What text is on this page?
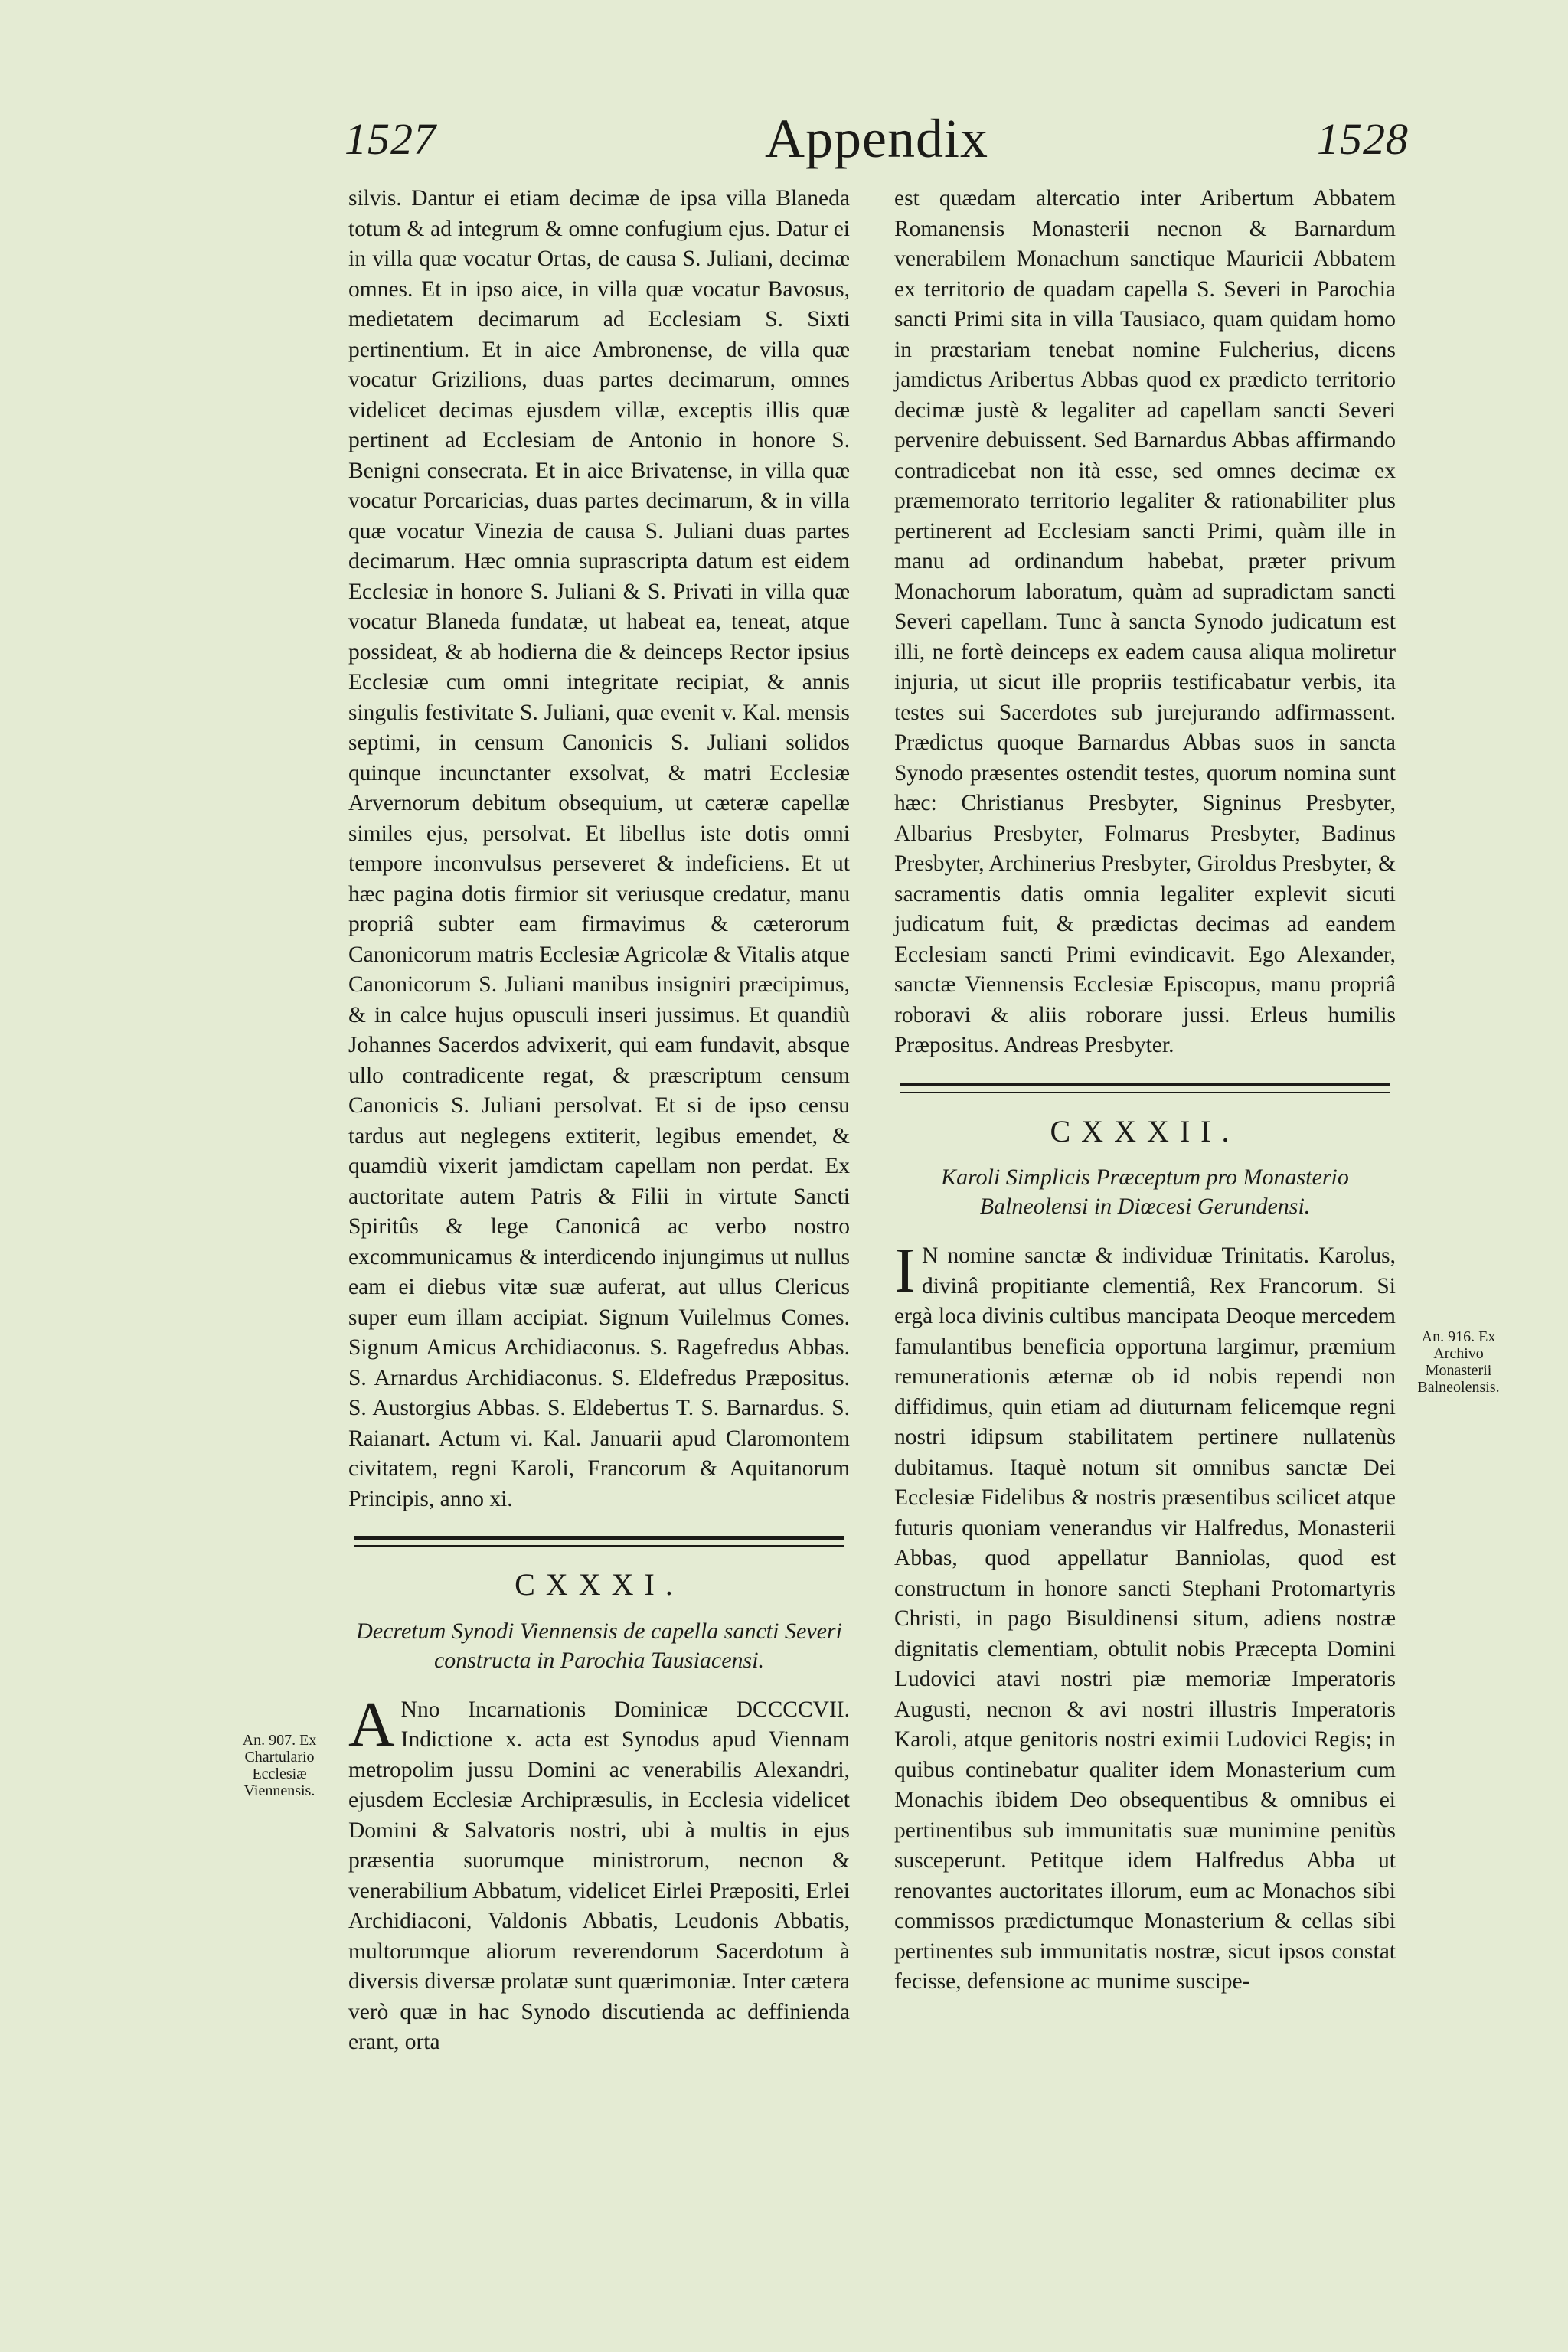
1527	Appendix	1528

silvis. Dantur ei etiam decimæ de ipsa villa Blaneda totum & ad integrum & omne confugium ejus. Datur ei in villa quæ vocatur Ortas, de causa S. Juliani, decimæ omnes. Et in ipso aice, in villa quæ vocatur Bavosus, medietatem decimarum ad Ecclesiam S. Sixti pertinentium. Et in aice Ambronense, de villa quæ vocatur Grizilions, duas partes decimarum, omnes videlicet decimas ejusdem villæ, exceptis illis quæ pertinent ad Ecclesiam de Antonio in honore S. Benigni consecrata. Et in aice Brivatense, in villa quæ vocatur Porcaricias, duas partes decimarum, & in villa quæ vocatur Vinezia de causa S. Juliani duas partes decimarum. Hæc omnia suprascripta datum est eidem Ecclesiæ in honore S. Juliani & S. Privati in villa quæ vocatur Blaneda fundatæ, ut habeat ea, teneat, atque possideat, & ab hodierna die & deinceps Rector ipsius Ecclesiæ cum omni integritate recipiat, & annis singulis festivitate S. Juliani, quæ evenit v. Kal. mensis septimi, in censum Canonicis S. Juliani solidos quinque incunctanter exsolvat, & matri Ecclesiæ Arvernorum debitum obsequium, ut cæteræ capellæ similes ejus, persolvat. Et libellus iste dotis omni tempore inconvulsus perseveret & indeficiens. Et ut hæc pagina dotis firmior sit veriusque credatur, manu propriâ subter eam firmavimus & cæterorum Canonicorum matris Ecclesiæ Agricolæ & Vitalis atque Canonicorum S. Juliani manibus insigniri præcipimus, & in calce hujus opusculi inseri jussimus. Et quandiù Johannes Sacerdos advixerit, qui eam fundavit, absque ullo contradicente regat, & præscriptum censum Canonicis S. Juliani persolvat. Et si de ipso censu tardus aut neglegens extiterit, legibus emendet, & quamdiù vixerit jamdictam capellam non perdat. Ex auctoritate autem Patris & Filii in virtute Sancti Spiritûs & lege Canonicâ ac verbo nostro excommunicamus & interdicendo injungimus ut nullus eam ei diebus vitæ suæ auferat, aut ullus Clericus super eum illam accipiat. Signum Vuilelmus Comes. Signum Amicus Archidiaconus. S. Ragefredus Abbas. S. Arnardus Archidiaconus. S. Eldefredus Præpositus. S. Austorgius Abbas. S. Eldebertus T. S. Barnardus. S. Raianart. Actum vi. Kal. Januarii apud Claromontem civitatem, regni Karoli, Francorum & Aquitanorum Principis, anno xi.

CXXXI.
Decretum Synodi Viennensis de capella sancti Severi constructa in Parochia Tausiacensi.

A Nno Incarnationis Dominicæ DCCCCVII. Indictione x. acta est Synodus apud Viennam metropolim jussu Domini ac venerabilis Alexandri, ejusdem Ecclesiæ Archipræsulis, in Ecclesia videlicet Domini & Salvatoris nostri, ubi à multis in ejus præsentia suorumque ministrorum, necnon & venerabilium Abbatum, videlicet Eirlei Præpositi, Erlei Archidiaconi, Valdonis Abbatis, Leudonis Abbatis, multorumque aliorum reverendorum Sacerdotum à diversis diversæ prolatæ sunt quærimoniæ. Inter cætera verò quæ in hac Synodo discutienda ac deffinienda erant, orta

est quædam altercatio inter Aribertum Abbatem Romanensis Monasterii necnon & Barnardum venerabilem Monachum sanctique Mauricii Abbatem ex territorio de quadam capella S. Severi in Parochia sancti Primi sita in villa Tausiaco, quam quidam homo in præstariam tenebat nomine Fulcherius, dicens jamdictus Aribertus Abbas quod ex prædicto territorio decimæ justè & legaliter ad capellam sancti Severi pervenire debuissent. Sed Barnardus Abbas affirmando contradicebat non ità esse, sed omnes decimæ ex præmemorato territorio legaliter & rationabiliter plus pertinerent ad Ecclesiam sancti Primi, quàm ille in manu ad ordinandum habebat, præter privum Monachorum laboratum, quàm ad supradictam sancti Severi capellam. Tunc à sancta Synodo judicatum est illi, ne fortè deinceps ex eadem causa aliqua moliretur injuria, ut sicut ille propriis testificabatur verbis, ita testes sui Sacerdotes sub jurejurando adfirmassent. Prædictus quoque Barnardus Abbas suos in sancta Synodo præsentes ostendit testes, quorum nomina sunt hæc: Christianus Presbyter, Signinus Presbyter, Albarius Presbyter, Folmarus Presbyter, Badinus Presbyter, Archinerius Presbyter, Giroldus Presbyter, & sacramentis datis omnia legaliter explevit sicuti judicatum fuit, & prædictas decimas ad eandem Ecclesiam sancti Primi evindicavit. Ego Alexander, sanctæ Viennensis Ecclesiæ Episcopus, manu propriâ roboravi & aliis roborare jussi. Erleus humilis Præpositus. Andreas Presbyter.

CXXXII.
Karoli Simplicis Præceptum pro Monasterio Balneolensi in Diœcesi Gerundensi.

I N nomine sanctæ & individuæ Trinitatis. Karolus, divinâ propitiante clementiâ, Rex Francorum. Si ergà loca divinis cultibus mancipata Deoque mercedem famulantibus beneficia opportuna largimur, præmium remunerationis æternæ ob id nobis rependi non diffidimus, quin etiam ad diuturnam felicemque regni nostri idipsum stabilitatem pertinere nullatenùs dubitamus. Itaquè notum sit omnibus sanctæ Dei Ecclesiæ Fidelibus & nostris præsentibus scilicet atque futuris quoniam venerandus vir Halfredus, Monasterii Abbas, quod appellatur Banniolas, quod est constructum in honore sancti Stephani Protomartyris Christi, in pago Bisuldinensi situm, adiens nostræ dignitatis clementiam, obtulit nobis Præcepta Domini Ludovici atavi nostri piæ memoriæ Imperatoris Augusti, necnon & avi nostri illustris Imperatoris Karoli, atque genitoris nostri eximii Ludovici Regis; in quibus continebatur qualiter idem Monasterium cum Monachis ibidem Deo obsequentibus & omnibus ei pertinentibus sub immunitatis suæ munimine penitùs susceperunt. Petitque idem Halfredus Abba ut renovantes auctoritates illorum, eum ac Monachos sibi commissos prædictumque Monasterium & cellas sibi pertinentes sub immunitatis nostræ, sicut ipsos constat fecisse, defensione ac munime suscipe-

An. 907. Ex Chartulario Ecclesiæ Viennensis.
An. 916. Ex Archivo Monasterii Balneolensis.
